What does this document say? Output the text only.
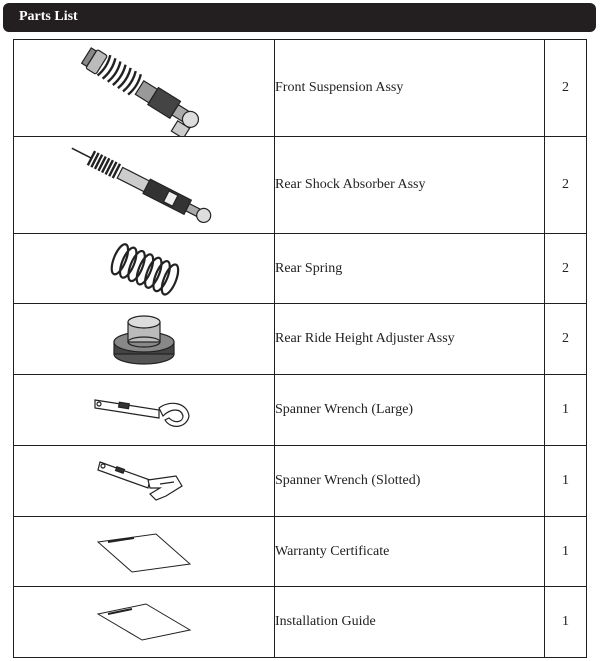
Parts List
	Front Suspension Assy	2

	Rear Shock Absorber Assy	2

	Rear Spring	2

	Rear Ride Height Adjuster Assy	2

	Spanner Wrench (Large)	1

	Spanner Wrench (Slotted)	1

	Warranty Certificate	1

	Installation Guide	1
